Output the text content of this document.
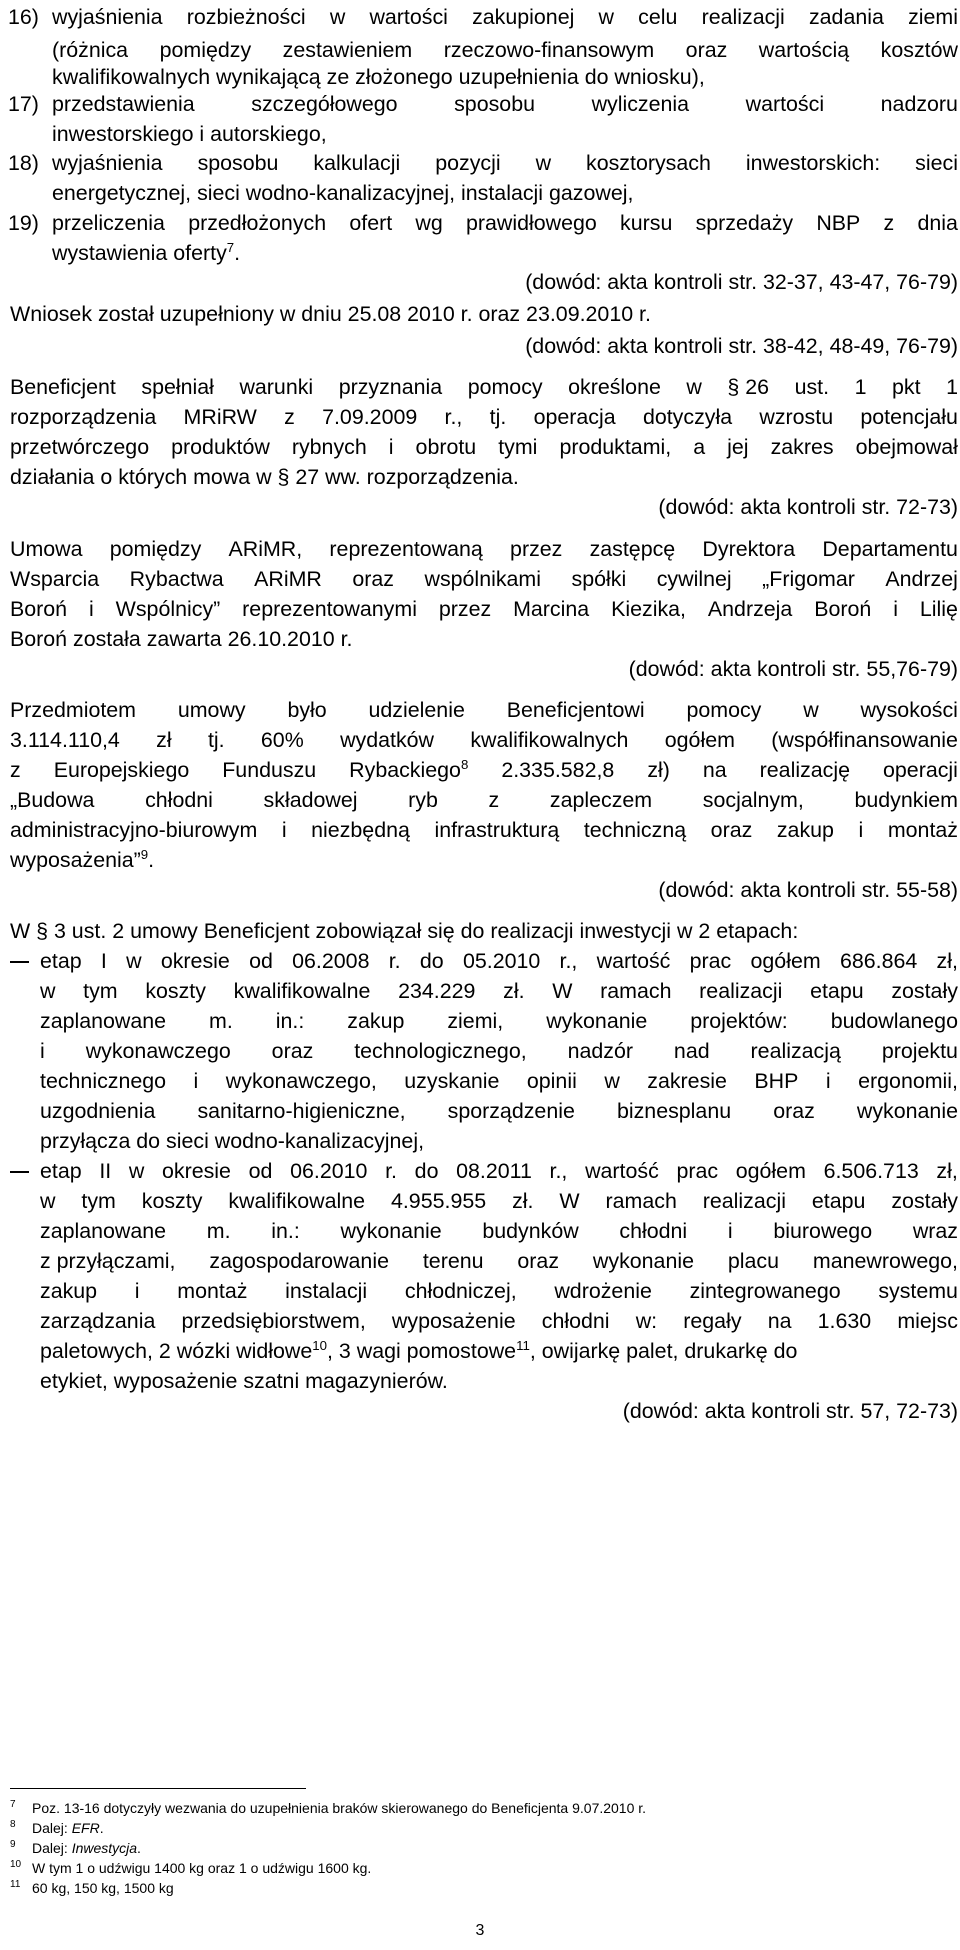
16) wyjaśnienia rozbieżności w wartości zakupionej w celu realizacji zadania ziemi
(różnica pomiędzy zestawieniem rzeczowo-finansowym oraz wartością kosztów
kwalifikowalnych wynikającą ze złożonego uzupełnienia do wniosku),
17) przedstawienia	szczegółowego	sposobu	wyliczenia	wartości	nadzoru
inwestorskiego i autorskiego,
18) wyjaśnienia sposobu kalkulacji pozycji w kosztorysach inwestorskich: sieci
energetycznej, sieci wodno-kanalizacyjnej, instalacji gazowej,
19) przeliczenia przedłożonych ofert wg prawidłowego kursu sprzedaży NBP z dnia
wystawienia oferty$^7$.
(dowód: akta kontroli str. 32-37, 43-47, 76-79)
Wniosek został uzupełniony w dniu 25.08 2010 r. oraz 23.09.2010 r.
(dowód: akta kontroli str. 38-42, 48-49, 76-79)
Beneficjent spełniał warunki przyznania pomocy określone w § 26 ust. 1 pkt 1
rozporządzenia MRiRW z 7.09.2009 r., tj. operacja dotyczyła wzrostu potencjału
przetwórczego produktów rybnych i obrotu tymi produktami, a jej zakres obejmował
działania o których mowa w § 27 ww. rozporządzenia.
(dowód: akta kontroli str. 72-73)
Umowa pomiędzy ARiMR, reprezentowaną przez zastępcę Dyrektora Departamentu
Wsparcia Rybactwa ARiMR oraz wspólnikami spółki cywilnej „Frigomar Andrzej
Boroń i Wspólnicy” reprezentowanymi przez Marcina Kiezika, Andrzeja Boroń i Lilię
Boroń została zawarta 26.10.2010 r.
(dowód: akta kontroli str. 55,76-79)
Przedmiotem umowy było udzielenie Beneficjentowi pomocy w wysokości
3.114.110,4 zł tj. 60% wydatków kwalifikowalnych ogółem (współfinansowanie
z Europejskiego Funduszu Rybackiego$^8$ 2.335.582,8 zł) na realizację operacji
„Budowa chłodni składowej ryb z zapleczem socjalnym, budynkiem
administracyjno-biurowym i niezbędną infrastrukturą techniczną oraz zakup i montaż
wyposażenia”$^9$.
(dowód: akta kontroli str. 55-58)
W § 3 ust. 2 umowy Beneficjent zobowiązał się do realizacji inwestycji w 2 etapach:
etap I w okresie od 06.2008 r. do 05.2010 r., wartość prac ogółem 686.864 zł,
w tym koszty kwalifikowalne 234.229 zł. W ramach realizacji etapu zostały
zaplanowane m. in.: zakup ziemi, wykonanie projektów: budowlanego
i wykonawczego oraz technologicznego, nadzór nad realizacją projektu
technicznego i wykonawczego, uzyskanie opinii w zakresie BHP i ergonomii,
uzgodnienia sanitarno-higieniczne, sporządzenie biznesplanu oraz wykonanie
przyłącza do sieci wodno-kanalizacyjnej,
etap II w okresie od 06.2010 r. do 08.2011 r., wartość prac ogółem 6.506.713 zł,
w tym koszty kwalifikowalne 4.955.955 zł. W ramach realizacji etapu zostały
zaplanowane m. in.: wykonanie budynków chłodni i biurowego wraz
z przyłączami, zagospodarowanie terenu oraz wykonanie placu manewrowego,
zakup i montaż instalacji chłodniczej, wdrożenie zintegrowanego systemu
zarządzania przedsiębiorstwem, wyposażenie chłodni w: regały na 1.630 miejsc
paletowych, 2 wózki widłowe$^{10}$, 3 wagi pomostowe$^{11}$, owijarkę palet, drukarkę do
etykiet, wyposażenie szatni magazynierów.
(dowód: akta kontroli str. 57, 72-73)
7 Poz. 13-16 dotyczyły wezwania do uzupełnienia braków skierowanego do Beneficjenta 9.07.2010 r.
8 Dalej: EFR.
9 Dalej: Inwestycja.
10 W tym 1 o udźwigu 1400 kg oraz 1 o udźwigu 1600 kg.
11 60 kg, 150 kg, 1500 kg
3
